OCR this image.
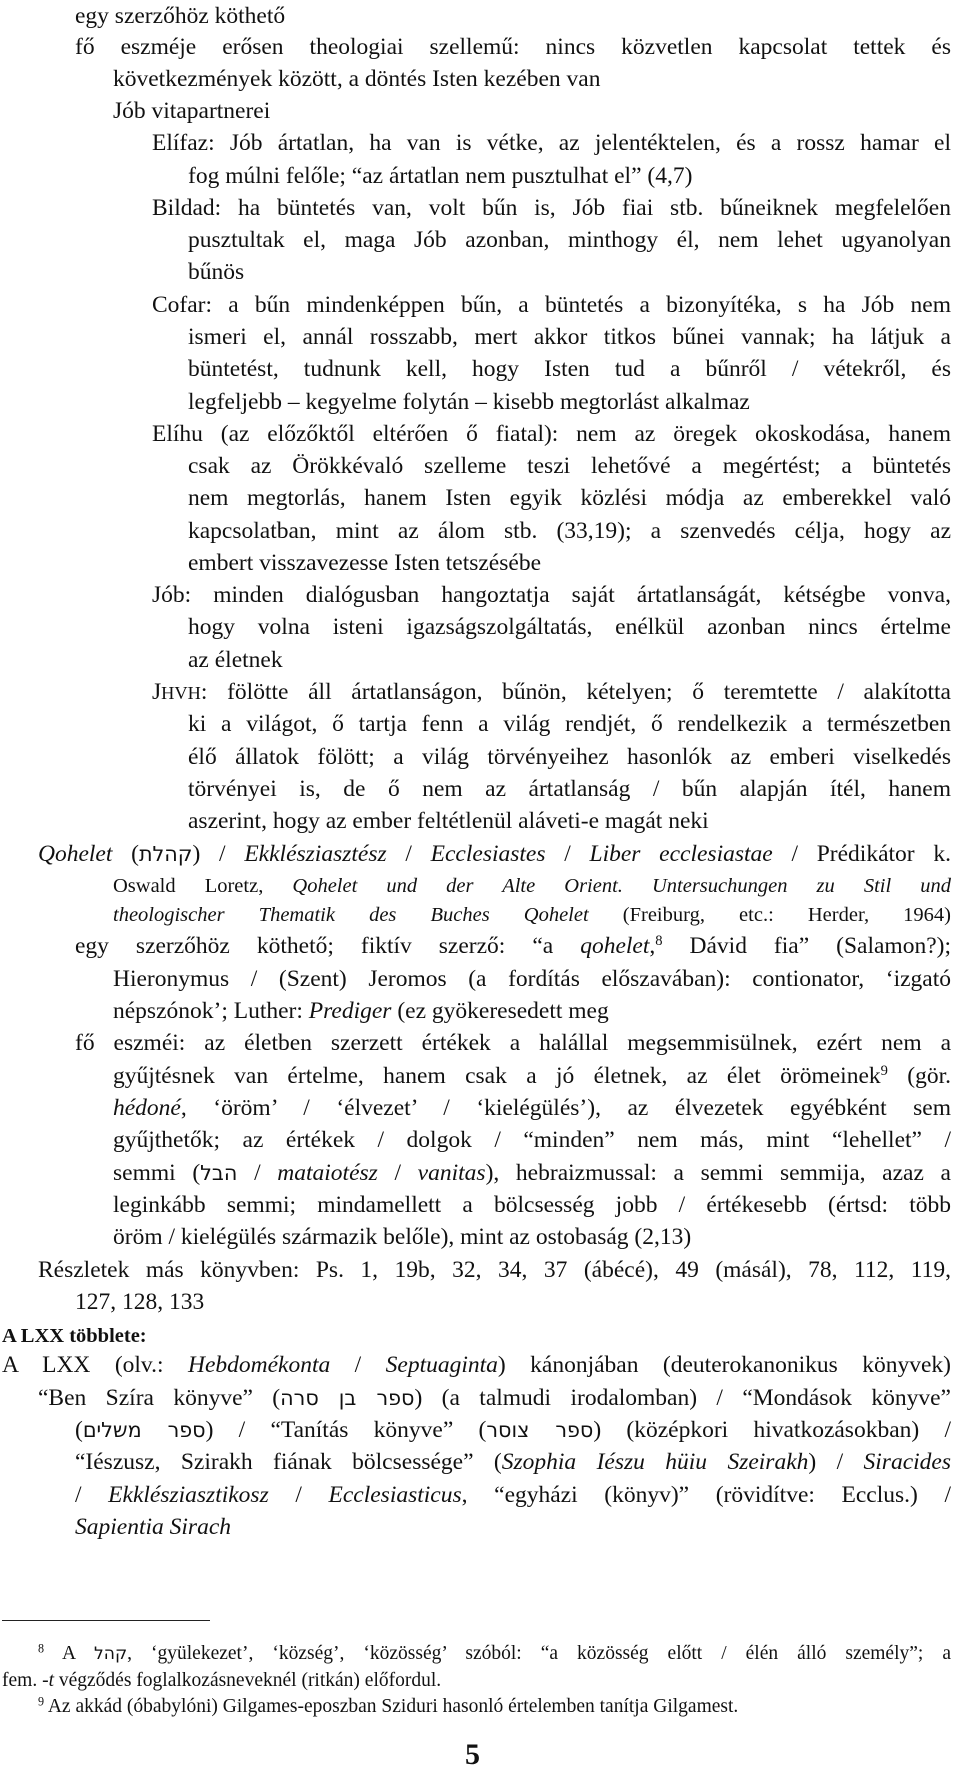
egy szerzőhöz köthető
fő eszméje erősen theologiai szellemű: nincs közvetlen kapcsolat tettek és
következmények között, a döntés Isten kezében van
Jób vitapartnerei
Elífaz: Jób ártatlan, ha van is vétke, az jelentéktelen, és a rossz hamar el
fog múlni felőle; “az ártatlan nem pusztulhat el” (4,7)
Bildad: ha büntetés van, volt bűn is, Jób fiai stb. bűneiknek megfelelően
pusztultak el, maga Jób azonban, minthogy él, nem lehet ugyanolyan
bűnös
Cofar: a bűn mindenképpen bűn, a büntetés a bizonyítéka, s ha Jób nem
ismeri el, annál rosszabb, mert akkor titkos bűnei vannak; ha látjuk a
büntetést, tudnunk kell, hogy Isten tud a bűnről / vétekről, és
legfeljebb – kegyelme folytán – kisebb megtorlást alkalmaz
Elíhu (az előzőktől eltérően ő fiatal): nem az öregek okoskodása, hanem
csak az Örökkévaló szelleme teszi lehetővé a megértést; a büntetés
nem megtorlás, hanem Isten egyik közlési módja az emberekkel való
kapcsolatban, mint az álom stb. (33,19); a szenvedés célja, hogy az
embert visszavezesse Isten tetszésébe
Jób: minden dialógusban hangoztatja saját ártatlanságát, kétségbe vonva,
hogy volna isteni igazságszolgáltatás, enélkül azonban nincs értelme
az életnek
JHVH: fölötte áll ártatlanságon, bűnön, kételyen; ő teremtette / alakította
ki a világot, ő tartja fenn a világ rendjét, ő rendelkezik a természetben
élő állatok fölött; a világ törvényeihez hasonlók az emberi viselkedés
törvényei is, de ő nem az ártatlanság / bűn alapján ítél, hanem
aszerint, hogy az ember feltétlenül aláveti-e magát neki
Qohelet (קהלת) / Ekklésziasztész / Ecclesiastes / Liber ecclesiastae / Prédikátor k.
Oswald Loretz, Qohelet und der Alte Orient. Untersuchungen zu Stil und
theologischer Thematik des Buches Qohelet (Freiburg, etc.: Herder, 1964)
egy szerzőhöz köthető; fiktív szerző: “a qohelet,$^8$ Dávid fia” (Salamon?);
Hieronymus / (Szent) Jeromos (a fordítás előszavában): contionator, ‘izgató
népszónok’; Luther: Prediger (ez gyökeresedett meg
fő eszméi: az életben szerzett értékek a halállal megsemmisülnek, ezért nem a
gyűjtésnek van értelme, hanem csak a jó életnek, az élet örömeinek$^9$ (gör.
hédoné, ‘öröm’ / ‘élvezet’ / ‘kielégülés’), az élvezetek egyébként sem
gyűjthetők; az értékek / dolgok / “minden” nem más, mint “lehellet” /
semmi (הבל / mataiotész / vanitas), hebraizmussal: a semmi semmija, azaz a
leginkább semmi; mindamellett a bölcsesség jobb / értékesebb (értsd: több
öröm / kielégülés származik belőle), mint az ostobaság (2,13)
Részletek más könyvben: Ps. 1, 19b, 32, 34, 37 (ábécé), 49 (másál), 78, 112, 119,
127, 128, 133
A LXX többlete:
A LXX (olv.: Hebdomékonta / Septuaginta) kánonjában (deuterokanonikus könyvek)
“Ben Szíra könyve” (ספר בן סרה) (a talmudi irodalomban) / “Mondások könyve”
(ספר משלים) / “Tanítás könyve” (ספר צוסר) (középkori hivatkozásokban) /
“Iészusz, Szirakh fiának bölcsessége” (Szophia Iészu hüiu Szeirakh) / Siracides
/ Ekklésziasztikosz / Ecclesiasticus, “egyházi (könyv)” (rövidítve: Ecclus.) /
Sapientia Sirach
$^8$ A קהל, ‘gyülekezet’, ‘község’, ‘közösség’ szóból: “a közösség előtt / élén álló személy”; a
fem. -t végződés foglalkozásneveknél (ritkán) előfordul.
$^9$ Az akkád (óbabylóni) Gilgames-eposzban Sziduri hasonló értelemben tanítja Gilgamest.
5
